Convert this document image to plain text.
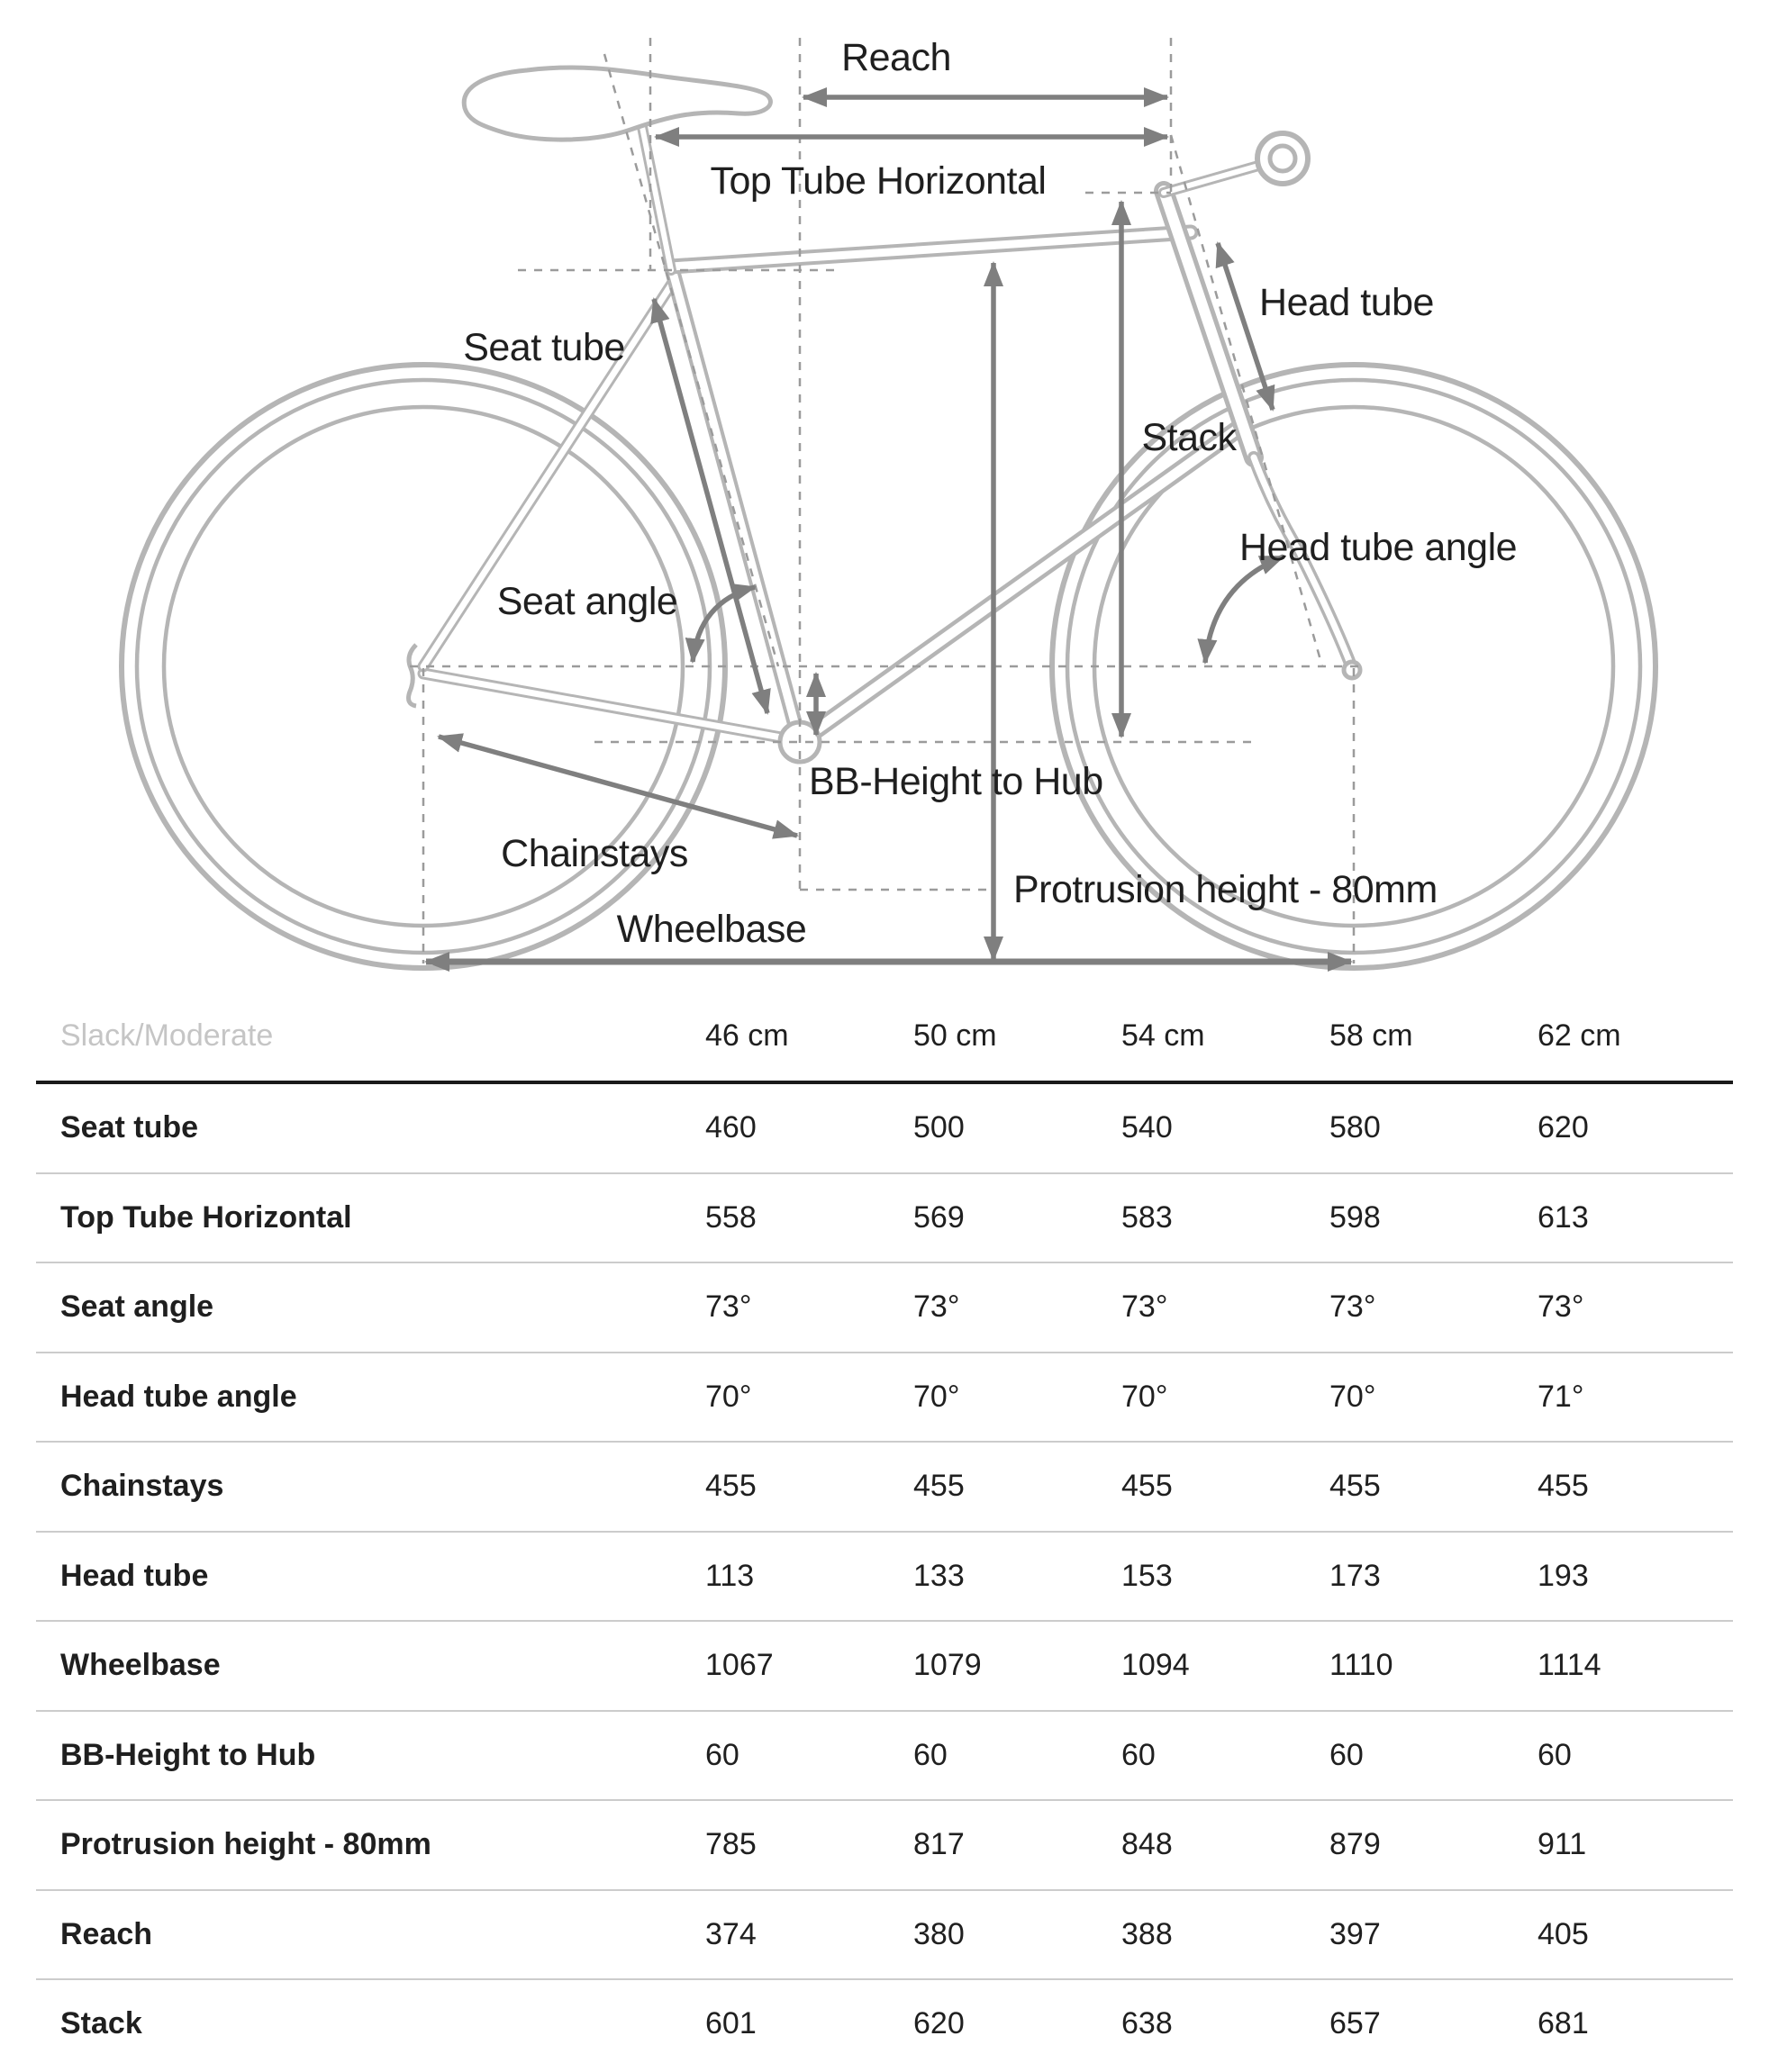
Reach
Top Tube Horizontal
Head tube
Seat tube
Stack
Head tube angle
Seat angle
BB-Height to Hub
Chainstays
Protrusion height - 80mm
Wheelbase
Slack/Moderate	46 cm	50 cm	54 cm	58 cm	62 cm
Seat tube	460	500	540	580	620
Top Tube Horizontal	558	569	583	598	613
Seat angle	73°	73°	73°	73°	73°
Head tube angle	70°	70°	70°	70°	71°
Chainstays	455	455	455	455	455
Head tube	113	133	153	173	193
Wheelbase	1067	1079	1094	1110	1114
BB-Height to Hub	60	60	60	60	60
Protrusion height - 80mm	785	817	848	879	911
Reach	374	380	388	397	405
Stack	601	620	638	657	681
